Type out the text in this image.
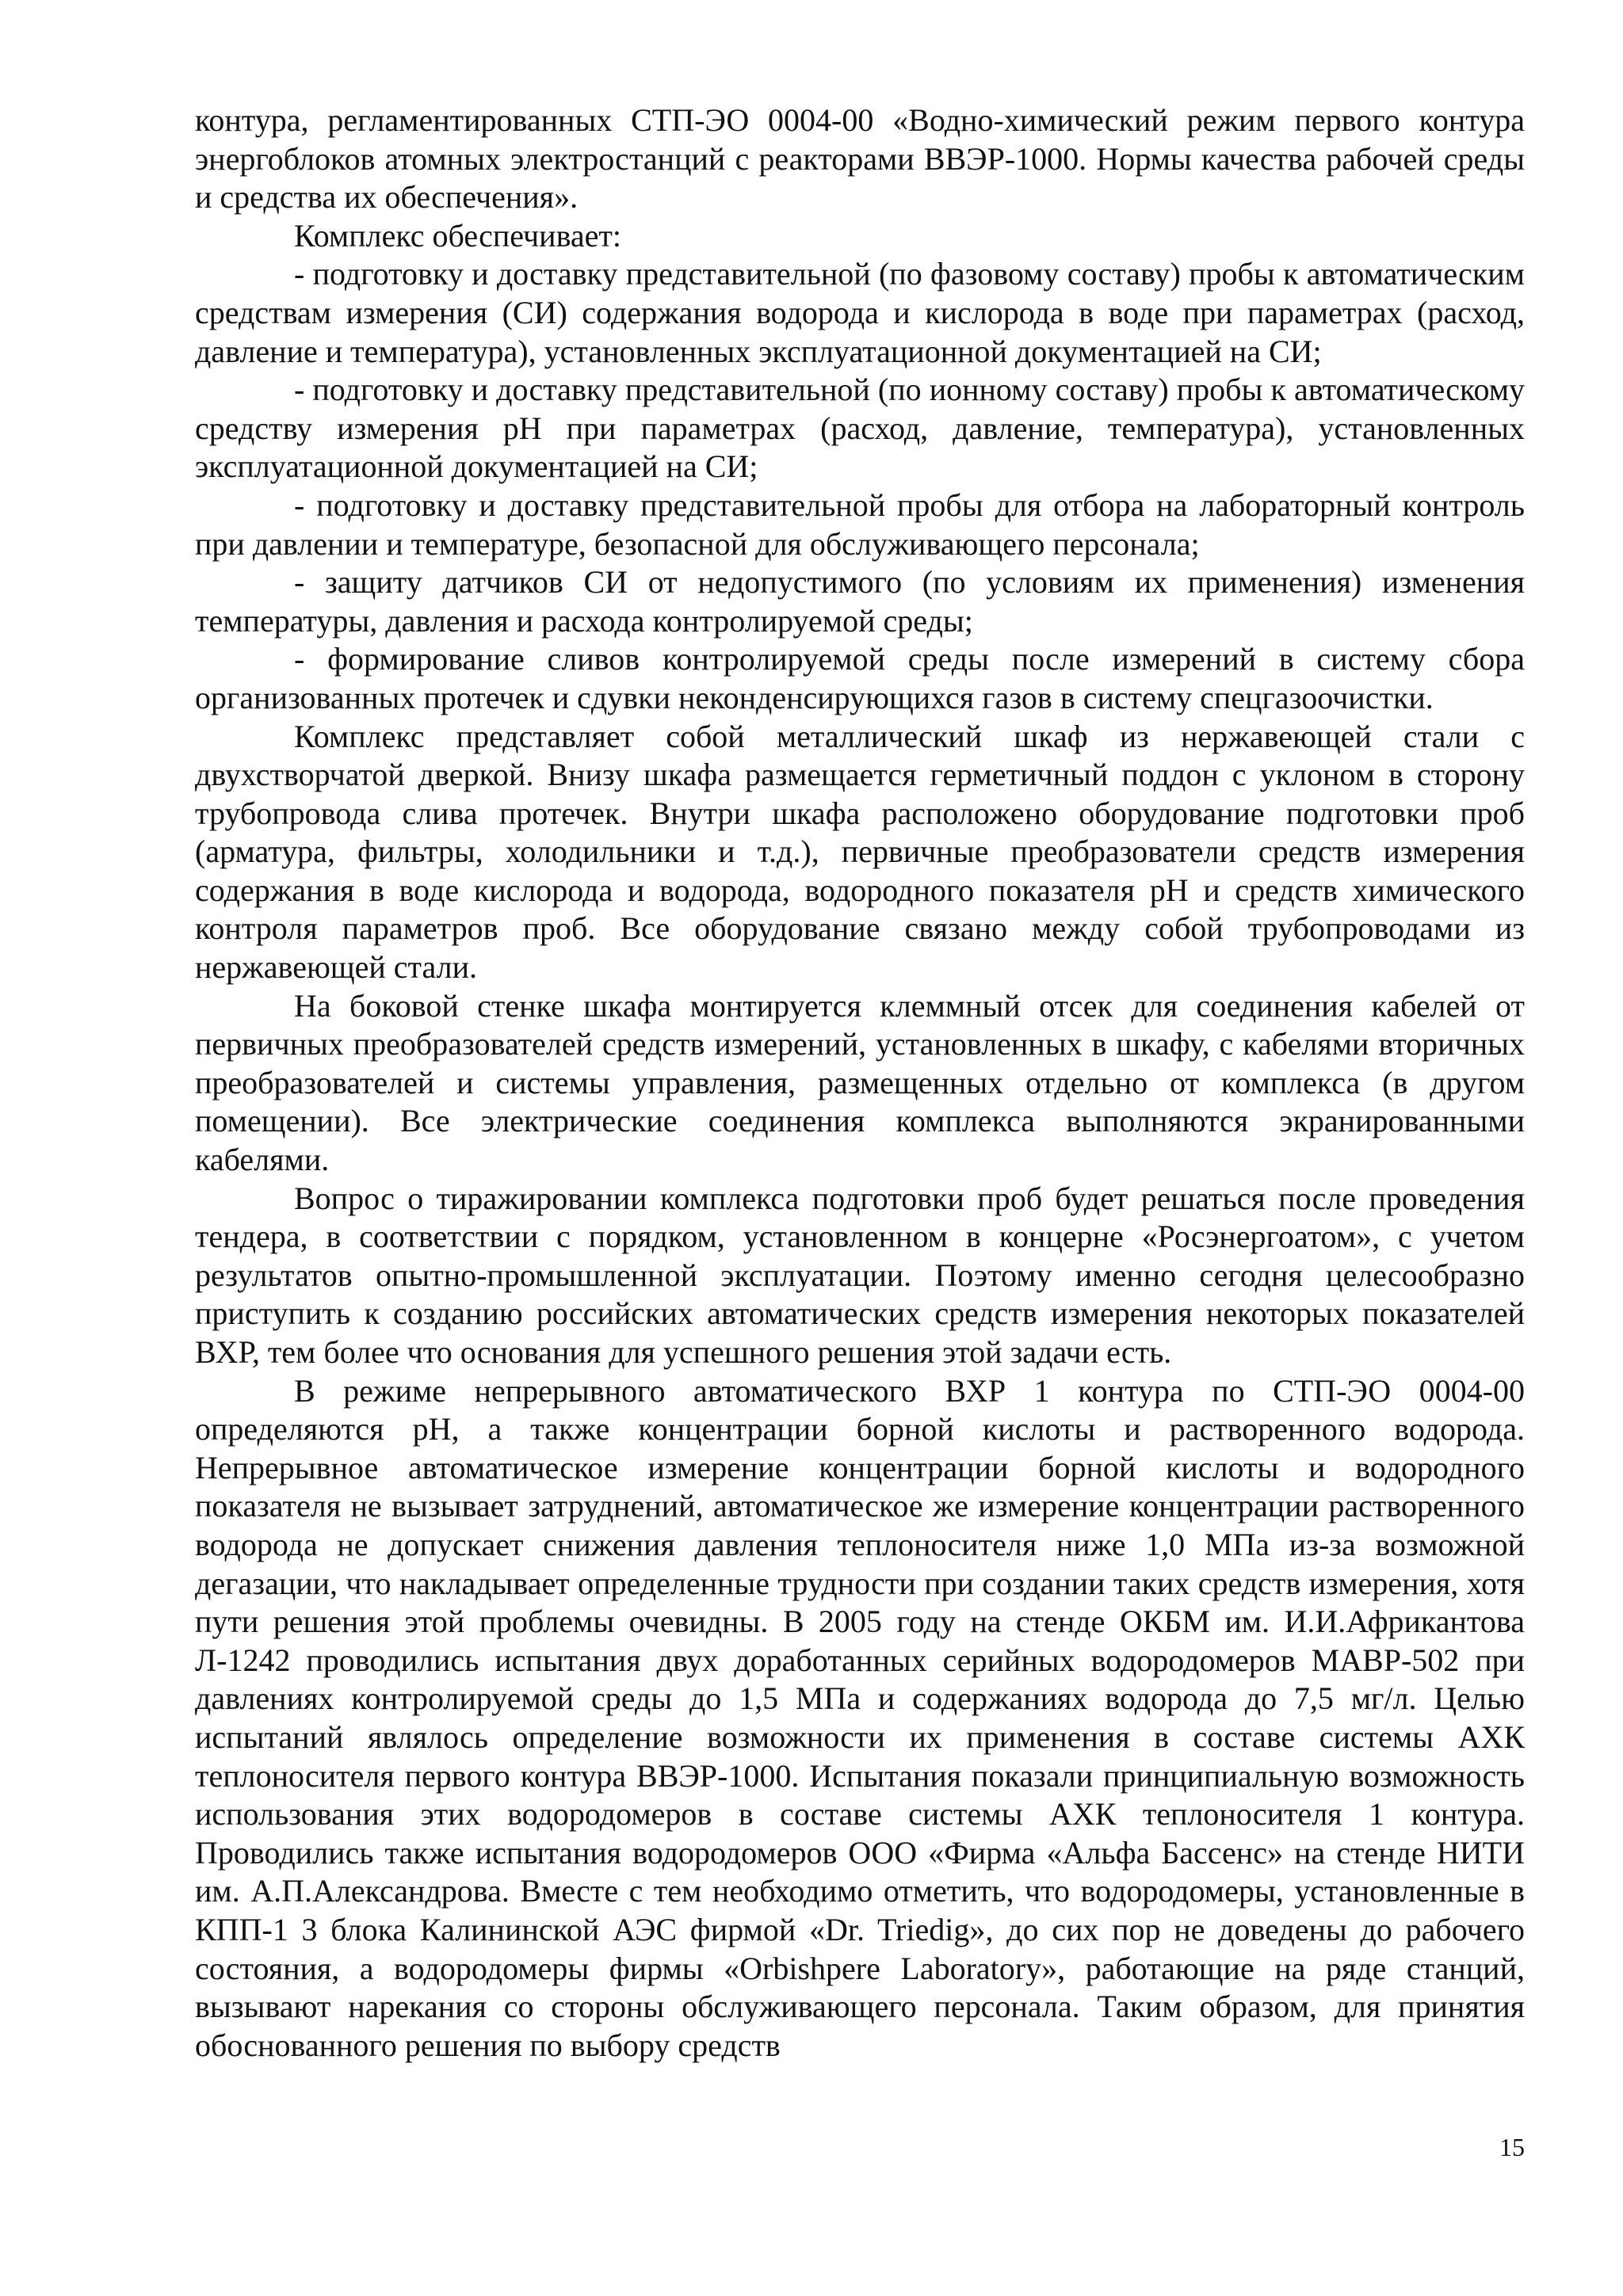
контура, регламентированных СТП-ЭО 0004-00 «Водно-химический режим первого контура энергоблоков атомных электростанций с реакторами ВВЭР-1000. Нормы качества рабочей среды и средства их обеспечения».

Комплекс обеспечивает:

- подготовку и доставку представительной (по фазовому составу) пробы к автоматическим средствам измерения (СИ) содержания водорода и кислорода в воде при параметрах (расход, давление и температура), установленных эксплуатационной документацией на СИ;

- подготовку и доставку представительной (по ионному составу) пробы к автоматическому средству измерения рН при параметрах (расход, давление, температура), установленных эксплуатационной документацией на СИ;

- подготовку и доставку представительной пробы для отбора на лабораторный контроль при давлении и температуре, безопасной для обслуживающего персонала;

- защиту датчиков СИ от недопустимого (по условиям их применения) изменения температуры, давления и расхода контролируемой среды;

- формирование сливов контролируемой среды после измерений в систему сбора организованных протечек и сдувки неконденсирующихся газов в систему спецгазоочистки.

Комплекс представляет собой металлический шкаф из нержавеющей стали с двухстворчатой дверкой. Внизу шкафа размещается герметичный поддон с уклоном в сторону трубопровода слива протечек. Внутри шкафа расположено оборудование подготовки проб (арматура, фильтры, холодильники и т.д.), первичные преобразователи средств измерения содержания в воде кислорода и водорода, водородного показателя рН и средств химического контроля параметров проб. Все оборудование связано между собой трубопроводами из нержавеющей стали.

На боковой стенке шкафа монтируется клеммный отсек для соединения кабелей от первичных преобразователей средств измерений, установленных в шкафу, с кабелями вторичных преобразователей и системы управления, размещенных отдельно от комплекса (в другом помещении). Все электрические соединения комплекса выполняются экранированными кабелями.

Вопрос о тиражировании комплекса подготовки проб будет решаться после проведения тендера, в соответствии с порядком, установленном в концерне «Росэнергоатом», с учетом результатов опытно-промышленной эксплуатации. Поэтому именно сегодня целесообразно приступить к созданию российских автоматических средств измерения некоторых показателей ВХР, тем более что основания для успешного решения этой задачи есть.

В режиме непрерывного автоматического ВХР 1 контура по СТП-ЭО 0004-00 определяются рН, а также концентрации борной кислоты и растворенного водорода. Непрерывное автоматическое измерение концентрации борной кислоты и водородного показателя не вызывает затруднений, автоматическое же измерение концентрации растворенного водорода не допускает снижения давления теплоносителя ниже 1,0 МПа из-за возможной дегазации, что накладывает определенные трудности при создании таких средств измерения, хотя пути решения этой проблемы очевидны. В 2005 году на стенде ОКБМ им. И.И.Африкантова Л-1242 проводились испытания двух доработанных серийных водородомеров МАВР-502 при давлениях контролируемой среды до 1,5 МПа и содержаниях водорода до 7,5 мг/л. Целью испытаний являлось определение возможности их применения в составе системы АХК теплоносителя первого контура ВВЭР-1000. Испытания показали принципиальную возможность использования этих водородомеров в составе системы АХК теплоносителя 1 контура. Проводились также испытания водородомеров ООО «Фирма «Альфа Бассенс» на стенде НИТИ им. А.П.Александрова. Вместе с тем необходимо отметить, что водородомеры, установленные в КПП-1 3 блока Калининской АЭС фирмой «Dr. Triedig», до сих пор не доведены до рабочего состояния, а водородомеры фирмы «Orbishpere Laboratory», работающие на ряде станций, вызывают нарекания со стороны обслуживающего персонала. Таким образом, для принятия обоснованного решения по выбору средств

15
